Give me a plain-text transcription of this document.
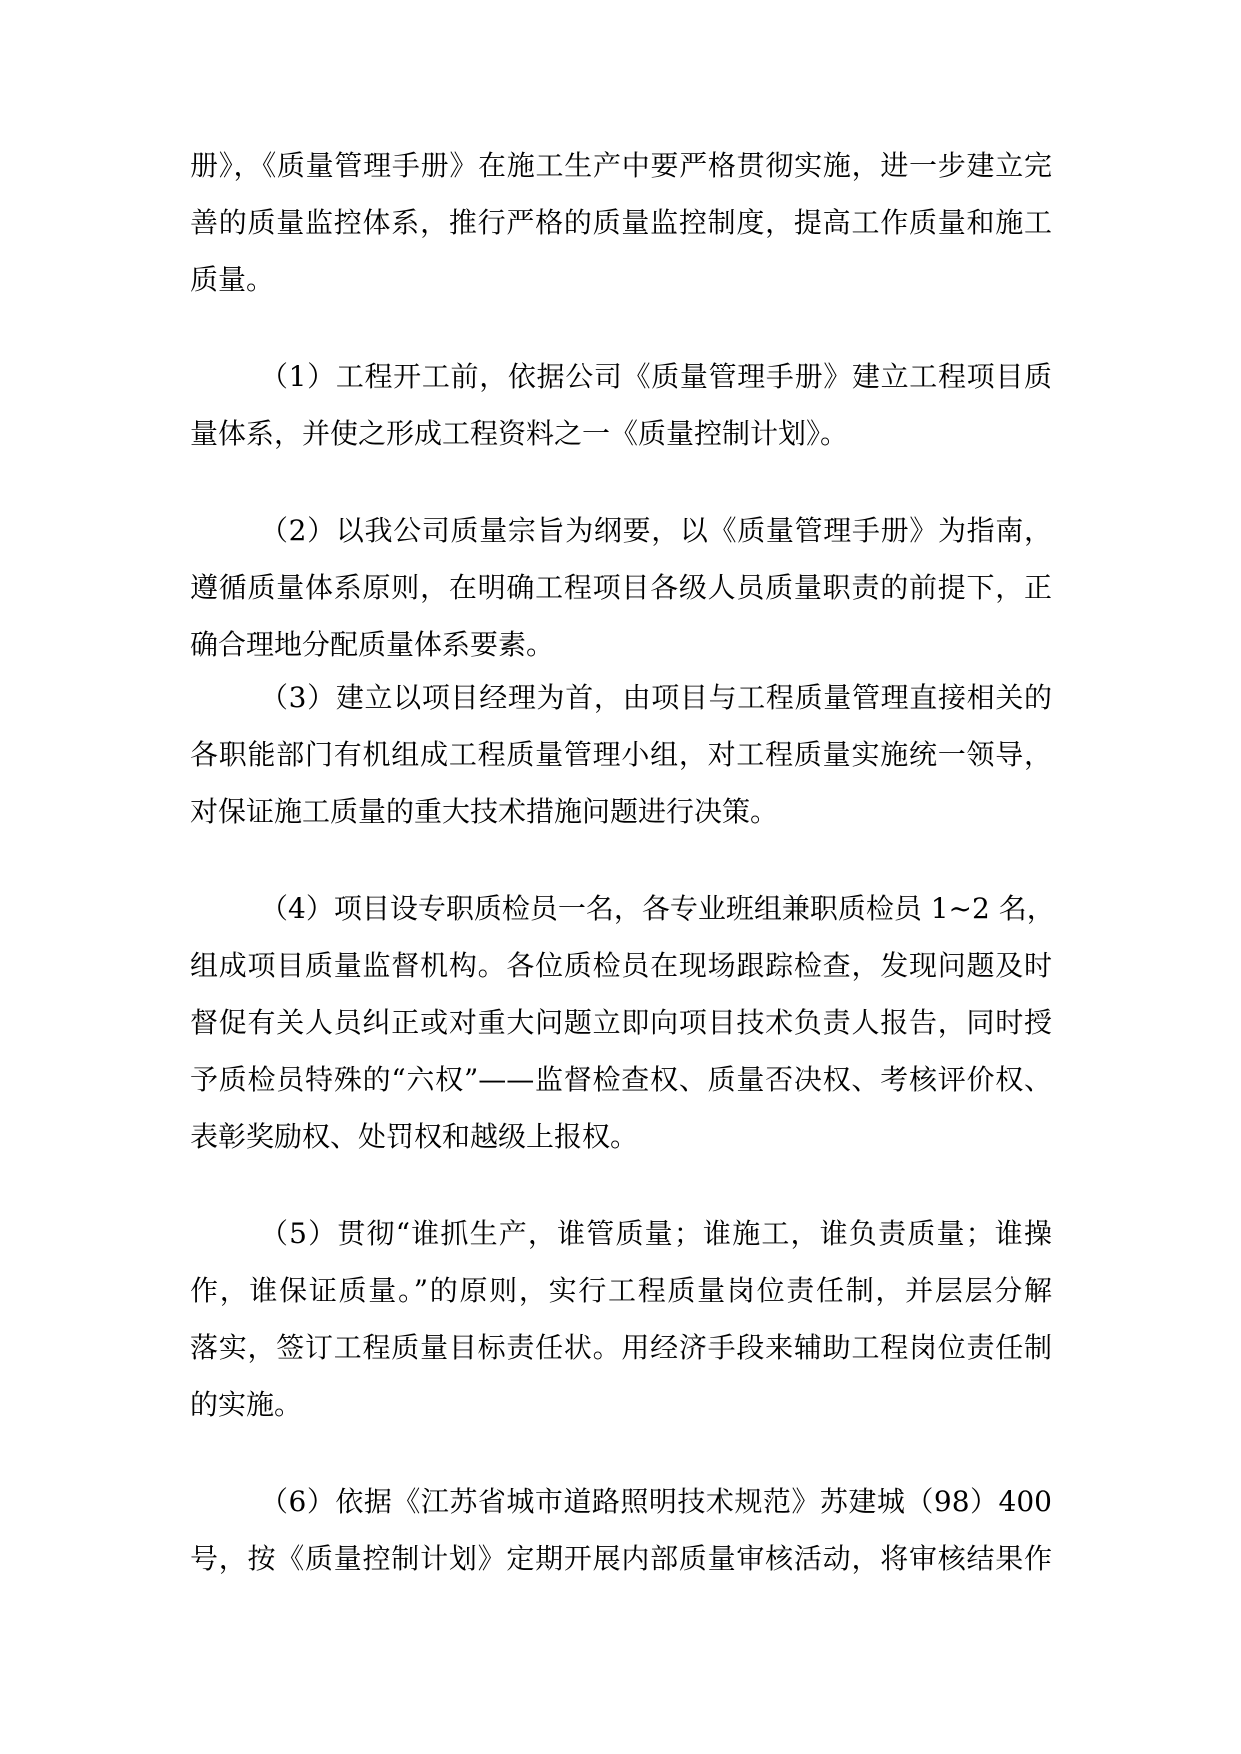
册》，《质量管理手册》在施工生产中要严格贯彻实施，进一步建立完

善的质量监控体系，推行严格的质量监控制度，提高工作质量和施工

质量。

（1）工程开工前，依据公司《质量管理手册》建立工程项目质

量体系，并使之形成工程资料之一《质量控制计划》。

（2）以我公司质量宗旨为纲要，以《质量管理手册》为指南，

遵循质量体系原则，在明确工程项目各级人员质量职责的前提下，正

确合理地分配质量体系要素。

（3）建立以项目经理为首，由项目与工程质量管理直接相关的

各职能部门有机组成工程质量管理小组，对工程质量实施统一领导，

对保证施工质量的重大技术措施问题进行决策。

（4）项目设专职质检员一名，各专业班组兼职质检员 1~2 名，

组成项目质量监督机构。各位质检员在现场跟踪检查，发现问题及时

督促有关人员纠正或对重大问题立即向项目技术负责人报告，同时授

予质检员特殊的“六权”——监督检查权、质量否决权、考核评价权、

表彰奖励权、处罚权和越级上报权。

（5）贯彻“谁抓生产，谁管质量；谁施工，谁负责质量；谁操

作，谁保证质量。”的原则，实行工程质量岗位责任制，并层层分解

落实，签订工程质量目标责任状。用经济手段来辅助工程岗位责任制

的实施。

（6）依据《江苏省城市道路照明技术规范》苏建城（98）400

号，按《质量控制计划》定期开展内部质量审核活动，将审核结果作
